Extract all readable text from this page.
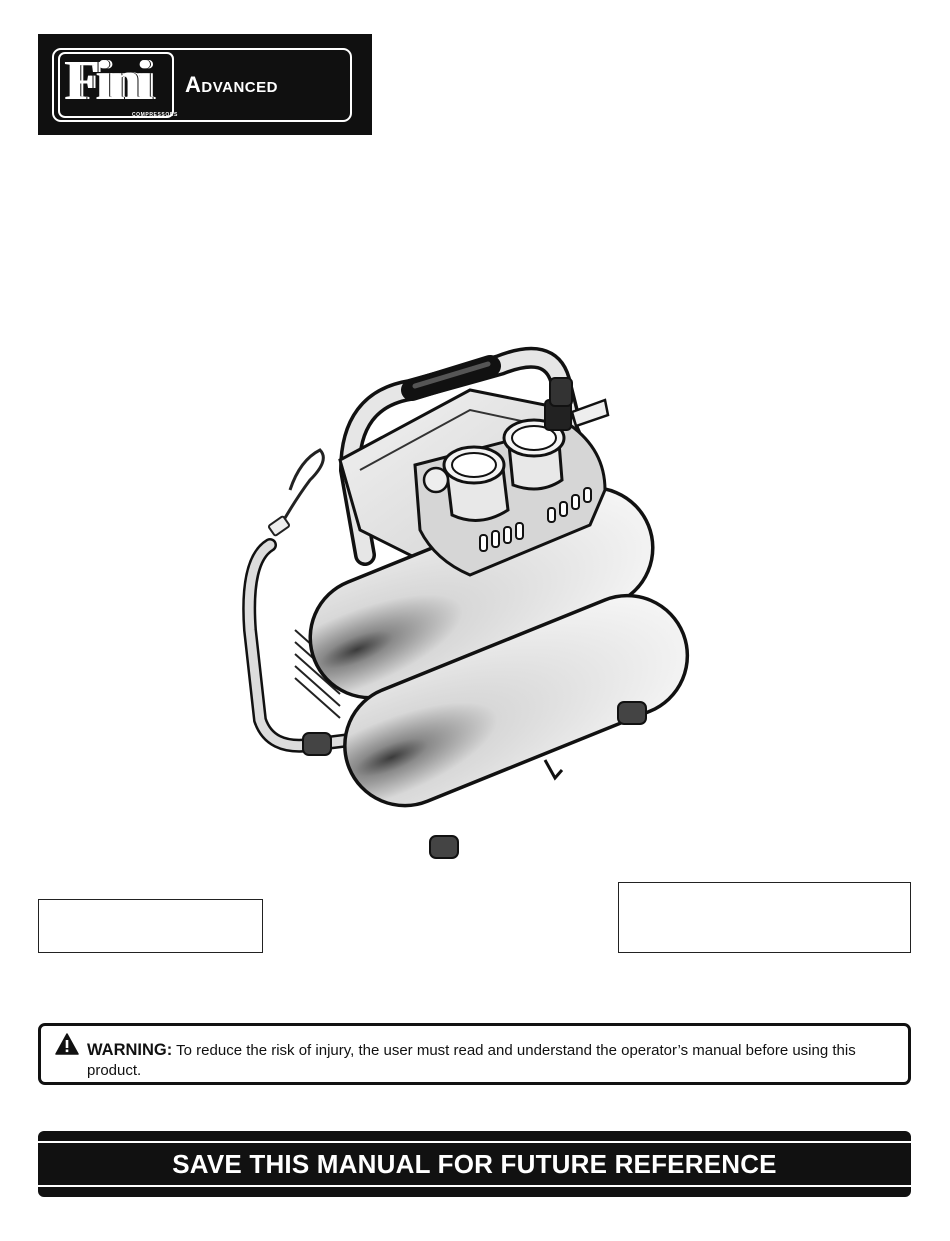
Fini
COMPRESSORS
Advanced
WARNING: To reduce the risk of injury, the user must read and understand the operator’s manual before using this product.
SAVE THIS MANUAL FOR FUTURE REFERENCE
